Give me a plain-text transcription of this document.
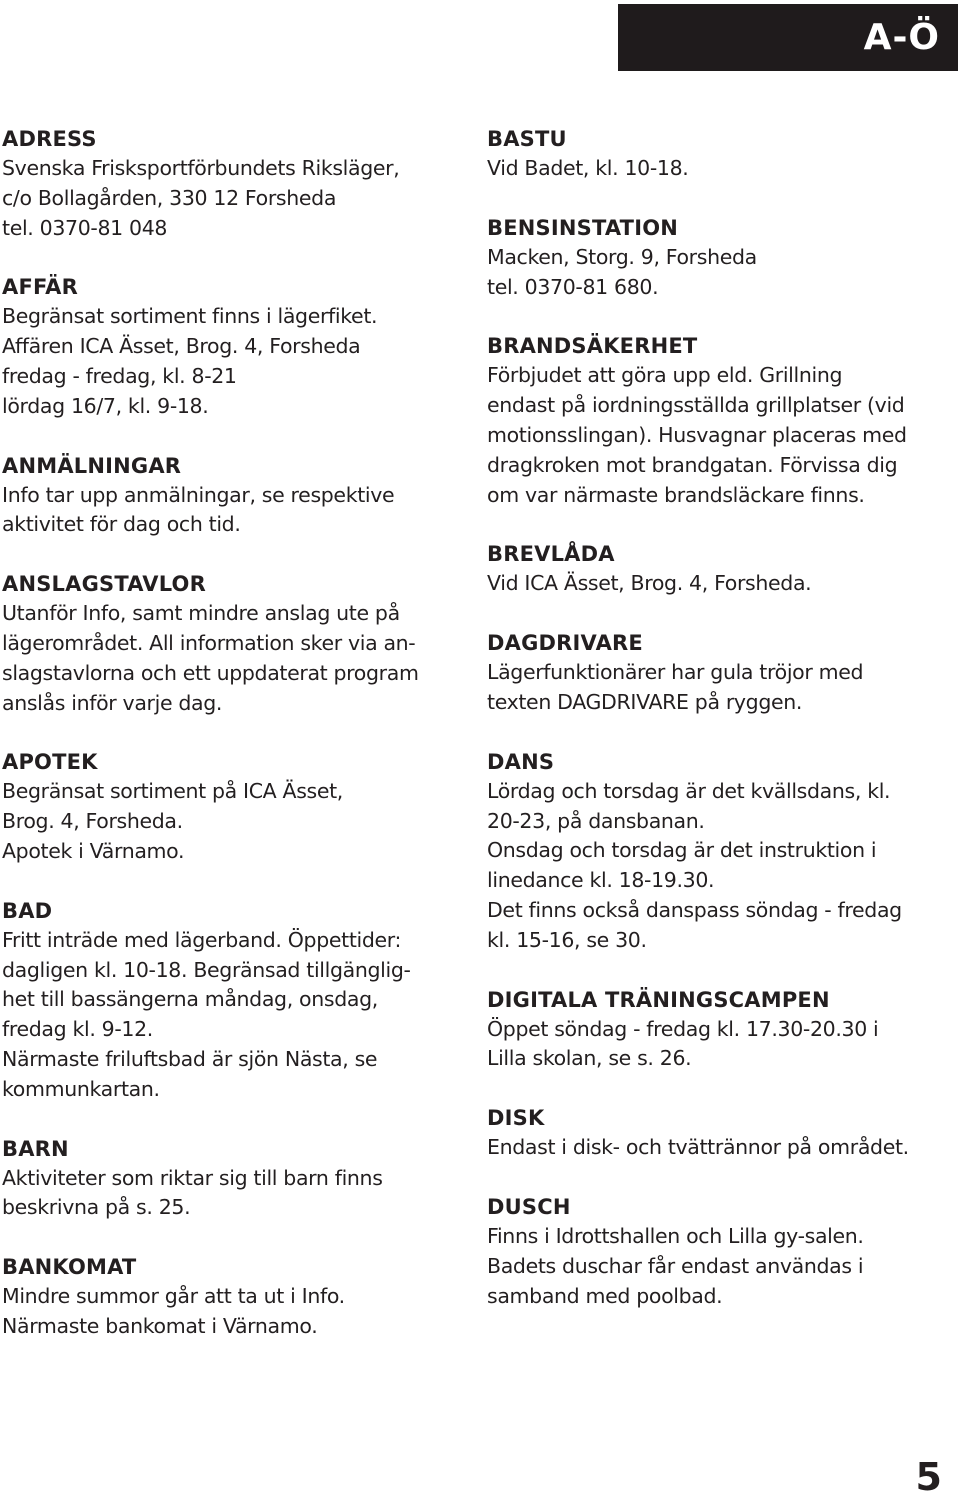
A-Ö
ADRESS
Svenska Frisksportförbundets Riksläger,
c/o Bollagården, 330 12 Forsheda
tel. 0370-81 048
AFFÄR
Begränsat sortiment finns i lägerfiket.
Affären ICA Ässet, Brog. 4, Forsheda
fredag - fredag, kl. 8-21
lördag 16/7, kl. 9-18.
ANMÄLNINGAR
Info tar upp anmälningar, se respektive
aktivitet för dag och tid.
ANSLAGSTAVLOR
Utanför Info, samt mindre anslag ute på
lägerområdet. All information sker via an-
slagstavlorna och ett uppdaterat program
anslås inför varje dag.
APOTEK
Begränsat sortiment på ICA Ässet,
Brog. 4, Forsheda.
Apotek i Värnamo.
BAD
Fritt inträde med lägerband. Öppettider:
dagligen kl. 10-18. Begränsad tillgänglig-
het till bassängerna måndag, onsdag,
fredag kl. 9-12.
Närmaste friluftsbad är sjön Nästa, se
kommunkartan.
BARN
Aktiviteter som riktar sig till barn finns
beskrivna på s. 25.
BANKOMAT
Mindre summor går att ta ut i Info.
Närmaste bankomat i Värnamo.
BASTU
Vid Badet, kl. 10-18.
BENSINSTATION
Macken, Storg. 9, Forsheda
tel. 0370-81 680.
BRANDSÄKERHET
Förbjudet att göra upp eld. Grillning
endast på iordningsställda grillplatser (vid
motionsslingan). Husvagnar placeras med
dragkroken mot brandgatan. Förvissa dig
om var närmaste brandsläckare finns.
BREVLÅDA
Vid ICA Ässet, Brog. 4, Forsheda.
DAGDRIVARE
Lägerfunktionärer har gula tröjor med
texten DAGDRIVARE på ryggen.
DANS
Lördag och torsdag är det kvällsdans, kl.
20-23, på dansbanan.
Onsdag och torsdag är det instruktion i
linedance kl. 18-19.30.
Det finns också danspass söndag - fredag
kl. 15-16, se 30.
DIGITALA TRÄNINGSCAMPEN
Öppet söndag - fredag kl. 17.30-20.30 i
Lilla skolan, se s. 26.
DISK
Endast i disk- och tvättrännor på området.
DUSCH
Finns i Idrottshallen och Lilla gy-salen.
Badets duschar får endast användas i
samband med poolbad.
5
